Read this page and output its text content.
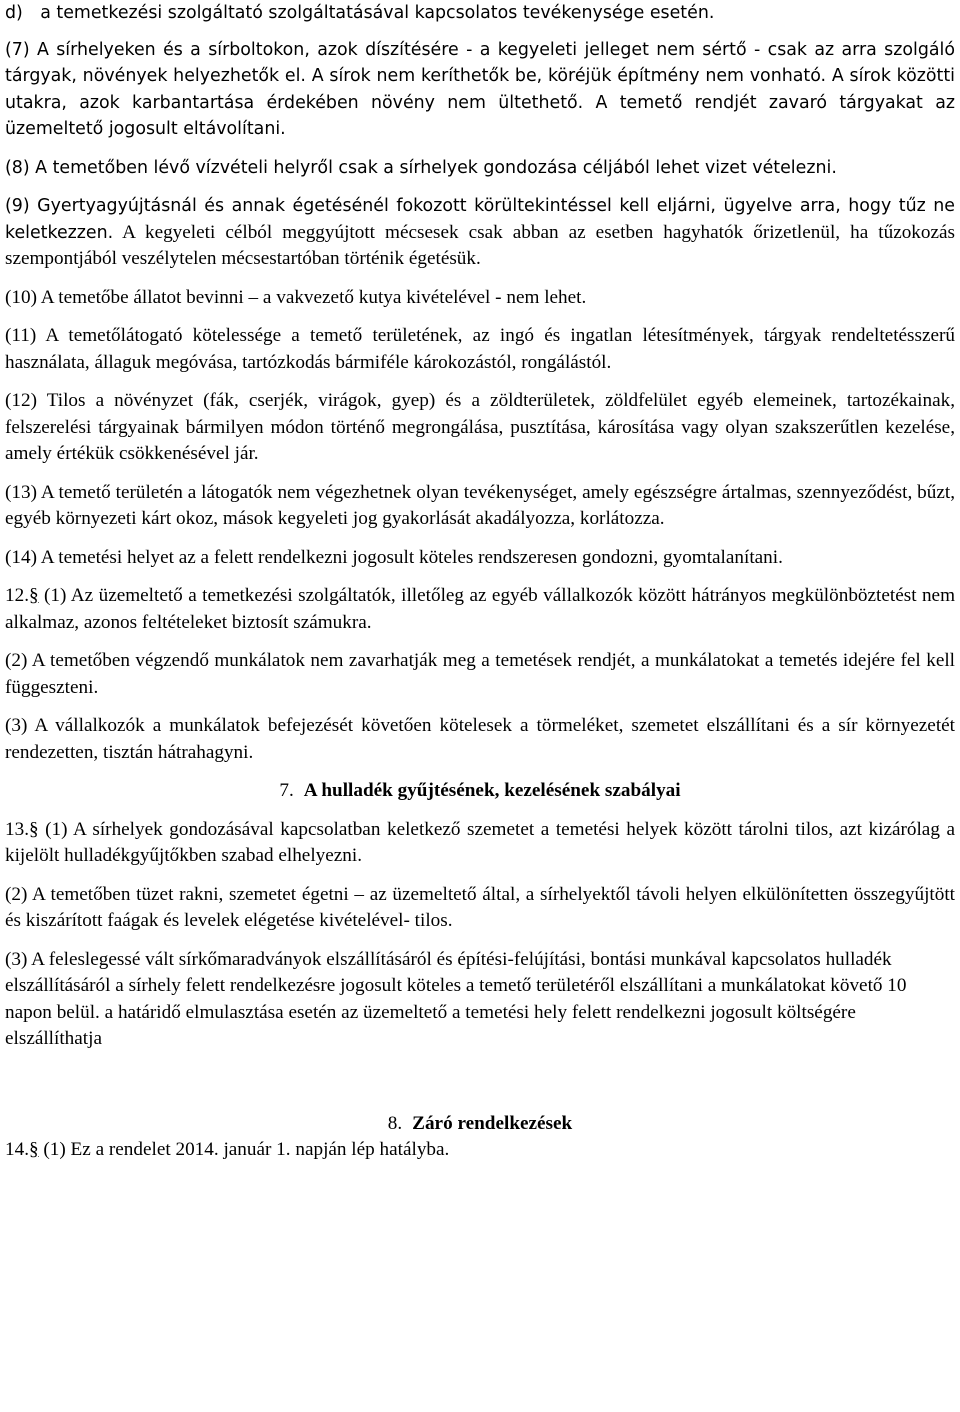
d) a temetkezési szolgáltató szolgáltatásával kapcsolatos tevékenysége esetén.

(7) A sírhelyeken és a sírboltokon, azok díszítésére - a kegyeleti jelleget nem sértő - csak az arra szolgáló tárgyak, növények helyezhetők el. A sírok nem keríthetők be, köréjük építmény nem vonható. A sírok közötti utakra, azok karbantartása érdekében növény nem ültethető. A temető rendjét zavaró tárgyakat az üzemeltető jogosult eltávolítani.

(8) A temetőben lévő vízvételi helyről csak a sírhelyek gondozása céljából lehet vizet vételezni.

(9) Gyertyagyújtásnál és annak égetésénél fokozott körültekintéssel kell eljárni, ügyelve arra, hogy tűz ne keletkezzen. A kegyeleti célból meggyújtott mécsesek csak abban az esetben hagyhatók őrizetlenül, ha tűzokozás szempontjából veszélytelen mécsestartóban történik égetésük.

(10) A temetőbe állatot bevinni – a vakvezető kutya kivételével - nem lehet.

(11) A temetőlátogató kötelessége a temető területének, az ingó és ingatlan létesítmények, tárgyak rendeltetésszerű használata, állaguk megóvása, tartózkodás bármiféle károkozástól, rongálástól.

(12) Tilos a növényzet (fák, cserjék, virágok, gyep) és a zöldterületek, zöldfelület egyéb elemeinek, tartozékainak, felszerelési tárgyainak bármilyen módon történő megrongálása, pusztítása, károsítása vagy olyan szakszerűtlen kezelése, amely értékük csökkenésével jár.

(13) A temető területén a látogatók nem végezhetnek olyan tevékenységet, amely egészségre ártalmas, szennyeződést, bűzt, egyéb környezeti kárt okoz, mások kegyeleti jog gyakorlását akadályozza, korlátozza.

(14) A temetési helyet az a felett rendelkezni jogosult köteles rendszeresen gondozni, gyomtalanítani.

12.§ (1) Az üzemeltető a temetkezési szolgáltatók, illetőleg az egyéb vállalkozók között hátrányos megkülönböztetést nem alkalmaz, azonos feltételeket biztosít számukra.

(2) A temetőben végzendő munkálatok nem zavarhatják meg a temetések rendjét, a munkálatokat a temetés idejére fel kell függeszteni.

(3) A vállalkozók a munkálatok befejezését követően kötelesek a törmeléket, szemetet elszállítani és a sír környezetét rendezetten, tisztán hátrahagyni.

7. A hulladék gyűjtésének, kezelésének szabályai

13.§ (1) A sírhelyek gondozásával kapcsolatban keletkező szemetet a temetési helyek között tárolni tilos, azt kizárólag a kijelölt hulladékgyűjtőkben szabad elhelyezni.

(2) A temetőben tüzet rakni, szemetet égetni – az üzemeltető által, a sírhelyektől távoli helyen elkülönítetten összegyűjtött és kiszárított faágak és levelek elégetése kivételével- tilos.

(3) A feleslegessé vált sírkőmaradványok elszállításáról és építési-felújítási, bontási munkával kapcsolatos hulladék elszállításáról a sírhely felett rendelkezésre jogosult köteles a temető területéről elszállítani a munkálatokat követő 10 napon belül. a határidő elmulasztása esetén az üzemeltető a temetési hely felett rendelkezni jogosult költségére elszállíthatja

8. Záró rendelkezések

14.§ (1) Ez a rendelet 2014. január 1. napján lép hatályba.
